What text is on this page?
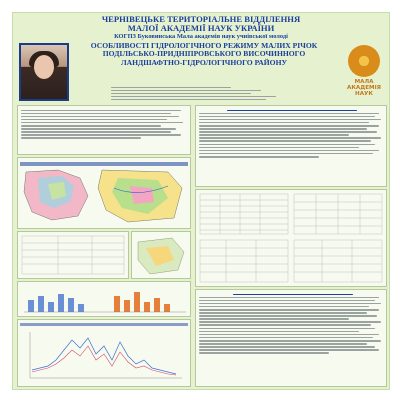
ЧЕРНІВЕЦЬКЕ ТЕРИТОРІАЛЬНЕ ВІДДІЛЕННЯ
МАЛОЇ АКАДЕМІЇ НАУК УКРАЇНИ
КОГПЗ Буковинська Мала академія наук учнівської молоді
ОСОБЛИВОСТІ ГІДРОЛОГІЧНОГО РЕЖИМУ МАЛИХ РІЧОК ПОДІЛЬСЬКО-ПРИДНІПРОВСЬКОГО ВИСОЧИННОГО ЛАНДШАФТНО-ГІДРОЛОГІЧНОГО РАЙОНУ
МАЛА
АКАДЕМІЯ
НАУК
